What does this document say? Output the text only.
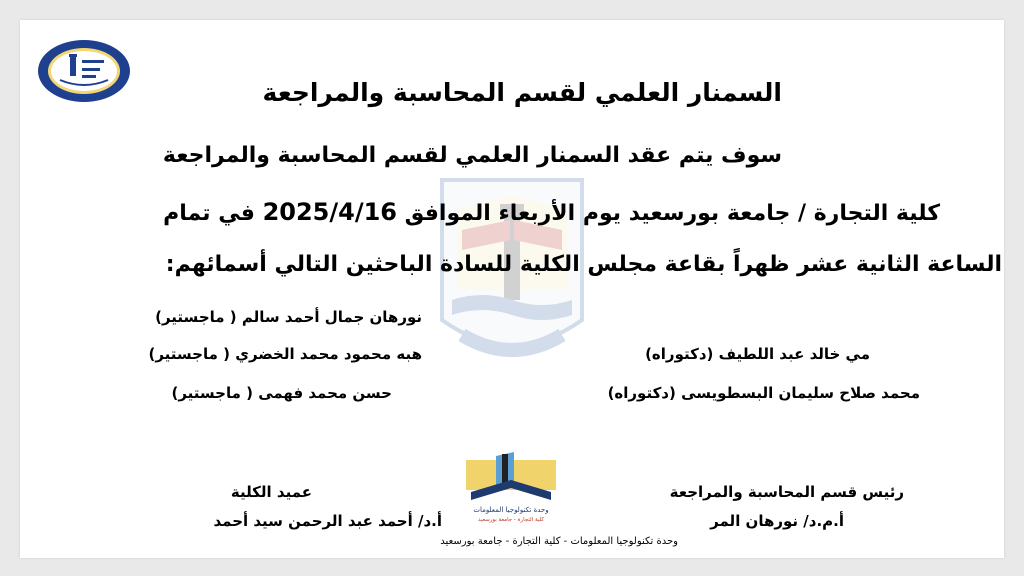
السمنار العلمي لقسم المحاسبة والمراجعة
سوف يتم عقد السمنار العلمي لقسم المحاسبة والمراجعة
كلية التجارة / جامعة بورسعيد يوم الأربعاء الموافق 2025/4/16 في تمام
الساعة الثانية عشر ظهراً بقاعة مجلس الكلية للسادة الباحثين التالي أسمائهم:
مي خالد عبد اللطيف (دكتوراه)
محمد صلاح سليمان البسطويسى (دكتوراه)
نورهان جمال أحمد سالم ( ماجستير)
هبه محمود محمد الخضري ( ماجستير)
حسن محمد فهمى ( ماجستير)
رئيس قسم المحاسبة والمراجعة
أ.م.د/ نورهان المر
عميد الكلية
أ.د/ أحمد عبد الرحمن سيد أحمد
وحدة تكنولوجيا المعلومات
كلية التجارة - جامعة بورسعيد
وحدة تكنولوجيا المعلومات - كلية التجارة - جامعة بورسعيد
